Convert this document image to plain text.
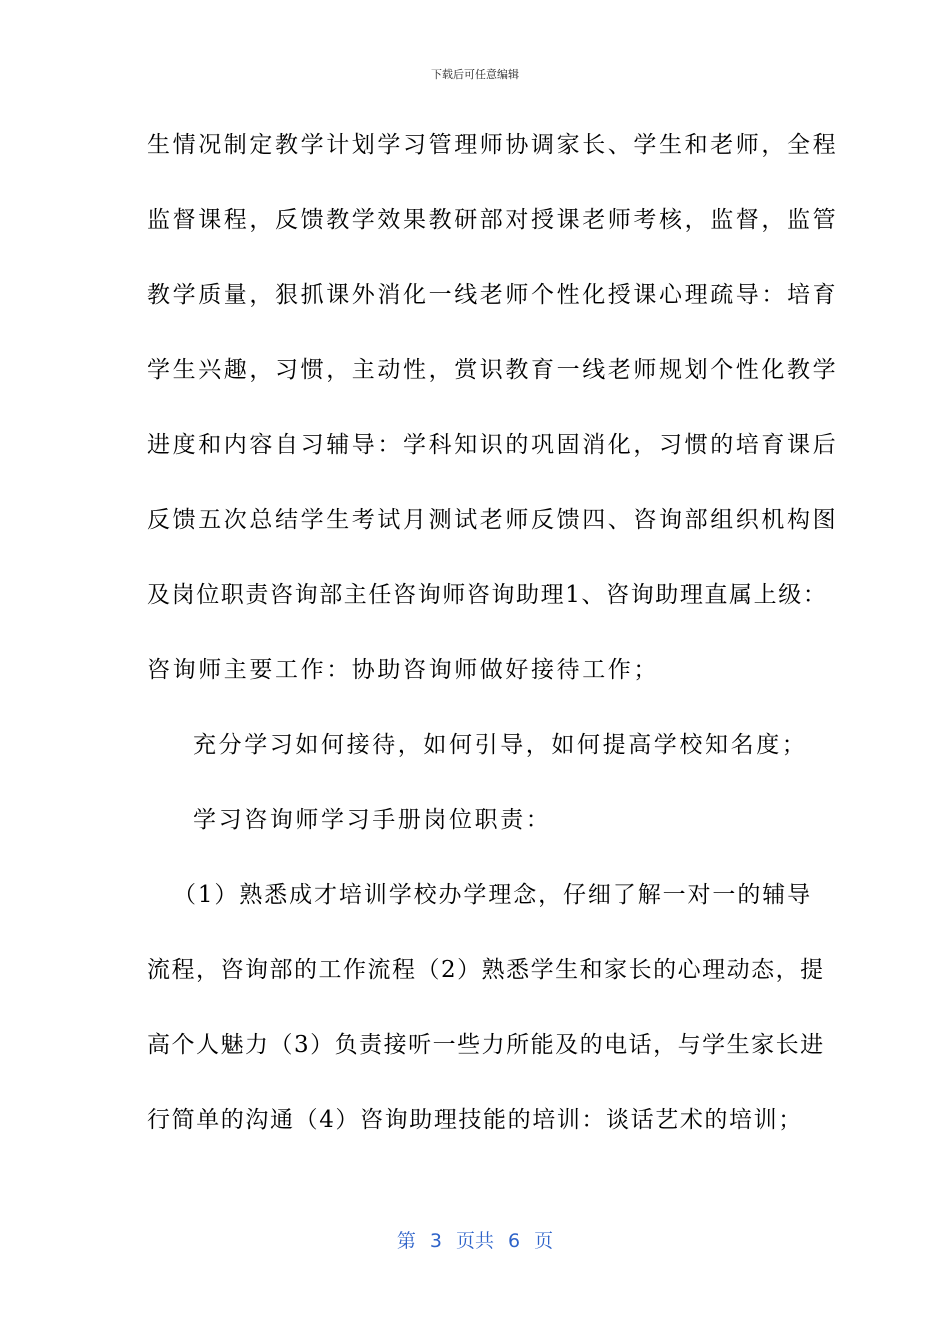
下载后可任意编辑
生情况制定教学计划学习管理师协调家长、学生和老师，全程
监督课程，反馈教学效果教研部对授课老师考核，监督，监管
教学质量，狠抓课外消化一线老师个性化授课心理疏导：培育
学生兴趣，习惯，主动性，赏识教育一线老师规划个性化教学
进度和内容自习辅导：学科知识的巩固消化，习惯的培育课后
反馈五次总结学生考试月测试老师反馈四、咨询部组织机构图
及岗位职责咨询部主任咨询师咨询助理1、咨询助理直属上级：
咨询师主要工作：协助咨询师做好接待工作；
充分学习如何接待，如何引导，如何提高学校知名度；
学习咨询师学习手册岗位职责：
（1）熟悉成才培训学校办学理念，仔细了解一对一的辅导
流程，咨询部的工作流程（2）熟悉学生和家长的心理动态，提
高个人魅力（3）负责接听一些力所能及的电话，与学生家长进
行简单的沟通（4）咨询助理技能的培训：谈话艺术的培训；
第 3 页共 6 页
